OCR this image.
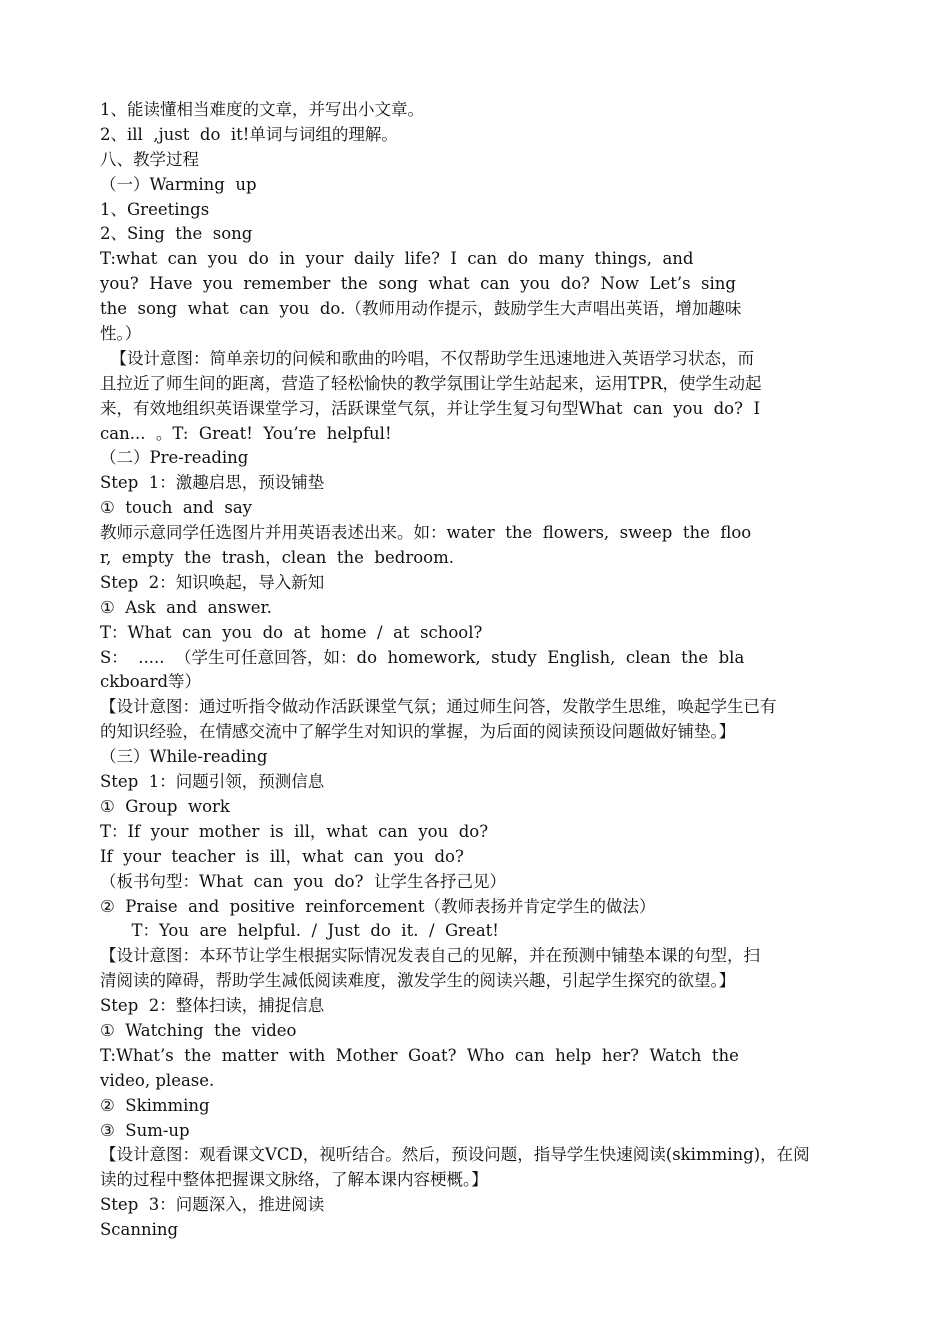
1、能读懂相当难度的文章，并写出小文章。
2、ill  ,just  do  it!单词与词组的理解。
八、教学过程
（一）Warming  up
1、Greetings
2、Sing  the  song
T:what  can  you  do  in  your  daily  life?  I  can  do  many  things,  and
you?  Have  you  remember  the  song  what  can  you  do?  Now  Let’s  sing
the  song  what  can  you  do.（教师用动作提示，鼓励学生大声唱出英语，增加趣味
性。）
【设计意图：简单亲切的问候和歌曲的吟唱，不仅帮助学生迅速地进入英语学习状态，而
且拉近了师生间的距离，营造了轻松愉快的教学氛围让学生站起来，运用TPR，使学生动起
来，有效地组织英语课堂学习，活跃课堂气氛，并让学生复习句型What  can  you  do?  I
can...  。T:  Great!  You’re  helpful!
（二）Pre-reading
Step  1：激趣启思，预设铺垫
①  touch  and  say
教师示意同学任选图片并用英语表述出来。如：water  the  flowers,  sweep  the  floo
r,  empty  the  trash，clean  the  bedroom.
Step  2：知识唤起，导入新知
①  Ask  and  answer.
T：What  can  you  do  at  home  /  at  school?
S：  .....  （学生可任意回答，如：do  homework,  study  English,  clean  the  bla
ckboard等）
【设计意图：通过听指令做动作活跃课堂气氛；通过师生问答，发散学生思维，唤起学生已有
的知识经验，在情感交流中了解学生对知识的掌握，为后面的阅读预设问题做好铺垫。】
（三）While-reading
Step  1：问题引领，预测信息
①  Group  work
T：If  your  mother  is  ill，what  can  you  do?
If  your  teacher  is  ill，what  can  you  do?
（板书句型：What  can  you  do?  让学生各抒己见）
②  Praise  and  positive  reinforcement（教师表扬并肯定学生的做法）
T：You  are  helpful.  /  Just  do  it.  /  Great!
【设计意图：本环节让学生根据实际情况发表自己的见解，并在预测中铺垫本课的句型，扫
清阅读的障碍，帮助学生减低阅读难度，激发学生的阅读兴趣，引起学生探究的欲望。】
Step  2：整体扫读，捕捉信息
①  Watching  the  video
T:What’s  the  matter  with  Mother  Goat?  Who  can  help  her?  Watch  the
video, please.
②  Skimming
③  Sum-up
【设计意图：观看课文VCD，视听结合。然后，预设问题，指导学生快速阅读(skimming)，在阅
读的过程中整体把握课文脉络，了解本课内容梗概。】
Step  3：问题深入，推进阅读
Scanning
